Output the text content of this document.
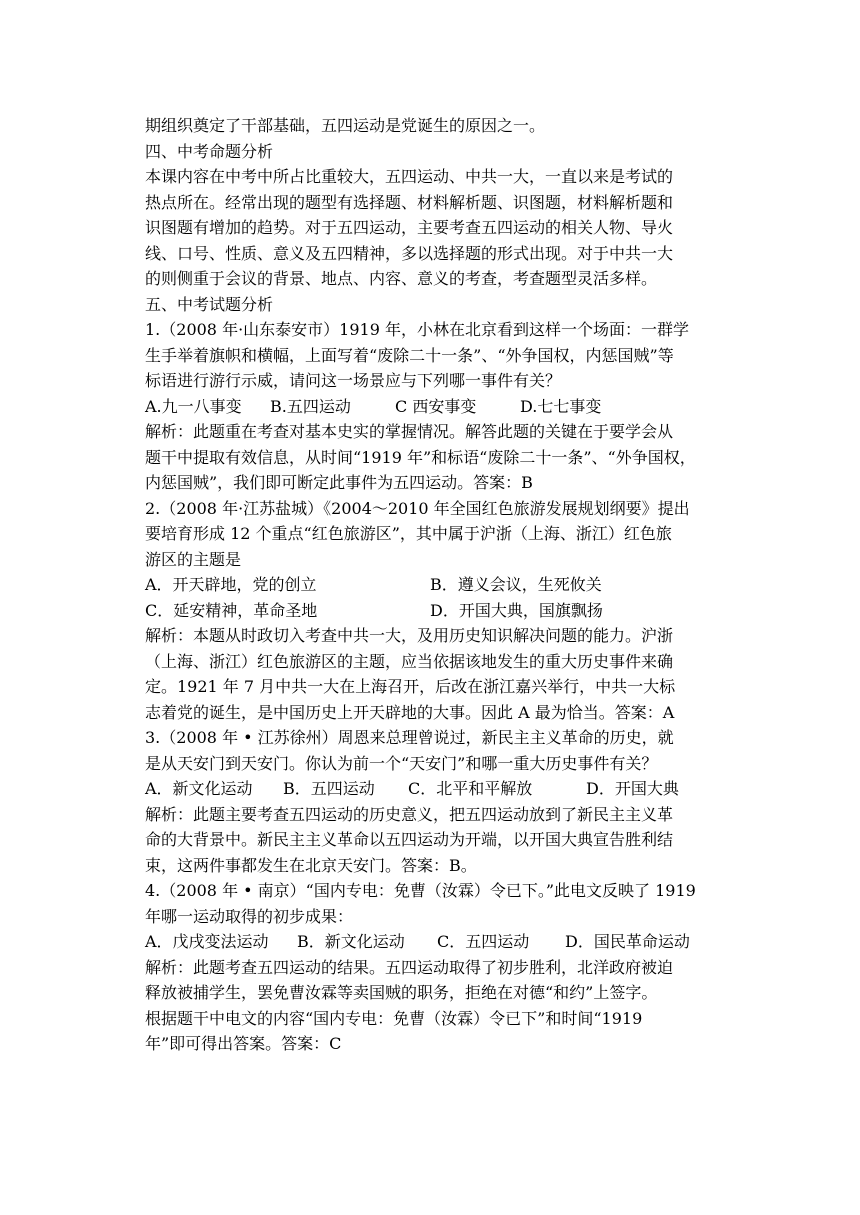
期组织奠定了干部基础，五四运动是党诞生的原因之一。
四、中考命题分析
本课内容在中考中所占比重较大，五四运动、中共一大，一直以来是考试的
热点所在。经常出现的题型有选择题、材料解析题、识图题，材料解析题和
识图题有增加的趋势。对于五四运动，主要考查五四运动的相关人物、导火
线、口号、性质、意义及五四精神，多以选择题的形式出现。对于中共一大
的则侧重于会议的背景、地点、内容、意义的考查，考查题型灵活多样。
五、中考试题分析
1.（2008 年·山东泰安市）1919 年，小林在北京看到这样一个场面：一群学
生手举着旗帜和横幅，上面写着“废除二十一条”、“外争国权，内惩国贼”等
标语进行游行示威，请问这一场景应与下列哪一事件有关？
A.九一八事变	B.五四运动	C 西安事变	D.七七事变
解析：此题重在考查对基本史实的掌握情况。解答此题的关键在于要学会从
题干中提取有效信息，从时间“1919 年”和标语“废除二十一条”、“外争国权，
内惩国贼”，我们即可断定此事件为五四运动。答案：B
2.（2008 年·江苏盐城）《2004～2010 年全国红色旅游发展规划纲要》提出
要培育形成 12 个重点“红色旅游区”，其中属于沪浙（上海、浙江）红色旅
游区的主题是
A．开天辟地，党的创立	B．遵义会议，生死攸关
C．延安精神，革命圣地	D．开国大典，国旗飘扬
解析：本题从时政切入考查中共一大，及用历史知识解决问题的能力。沪浙
（上海、浙江）红色旅游区的主题，应当依据该地发生的重大历史事件来确
定。1921 年 7 月中共一大在上海召开，后改在浙江嘉兴举行，中共一大标
志着党的诞生，是中国历史上开天辟地的大事。因此 A 最为恰当。答案：A
3.（2008 年 • 江苏徐州）周恩来总理曾说过，新民主主义革命的历史，就
是从天安门到天安门。你认为前一个“天安门”和哪一重大历史事件有关？
A．新文化运动	B．五四运动	C．北平和平解放	D．开国大典
解析：此题主要考查五四运动的历史意义，把五四运动放到了新民主主义革
命的大背景中。新民主主义革命以五四运动为开端，以开国大典宣告胜利结
束，这两件事都发生在北京天安门。答案：B。
4.（2008 年 • 南京）“国内专电：免曹（汝霖）令已下。”此电文反映了 1919
年哪一运动取得的初步成果：
A．戊戌变法运动	B．新文化运动	C．五四运动	D．国民革命运动
解析：此题考查五四运动的结果。五四运动取得了初步胜利，北洋政府被迫
释放被捕学生，罢免曹汝霖等卖国贼的职务，拒绝在对德“和约”上签字。
根据题干中电文的内容“国内专电：免曹（汝霖）令已下”和时间“1919
年”即可得出答案。答案：C
